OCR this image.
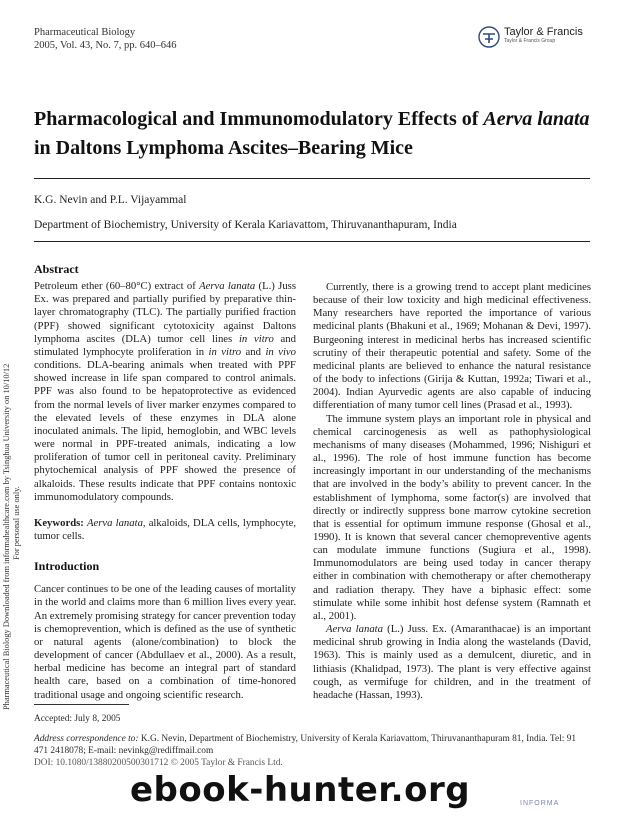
Pharmaceutical Biology
2005, Vol. 43, No. 7, pp. 640–646
Taylor & Francis
Taylor & Francis Group
Pharmacological and Immunomodulatory Effects of Aerva lanata
in Daltons Lymphoma Ascites–Bearing Mice
K.G. Nevin and P.L. Vijayammal
Department of Biochemistry, University of Kerala Kariavattom, Thiruvananthapuram, India
Pharmaceutical Biology Downloaded from informahealthcare.com by Tsinghua University on 10/10/12 For personal use only.
Abstract

Petroleum ether (60–80°C) extract of Aerva lanata (L.) Juss Ex. was prepared and partially purified by preparative thin-layer chromatography (TLC). The partially purified fraction (PPF) showed significant cytotoxicity against Daltons lymphoma ascites (DLA) tumor cell lines in vitro and stimulated lymphocyte proliferation in in vitro and in vivo conditions. DLA-bearing animals when treated with PPF showed increase in life span compared to control animals. PPF was also found to be hepatoprotective as evidenced from the normal levels of liver marker enzymes compared to the elevated levels of these enzymes in DLA alone inoculated animals. The lipid, hemoglobin, and WBC levels were normal in PPF-treated animals, indicating a low proliferation of tumor cell in peritoneal cavity. Preliminary phytochemical analysis of PPF showed the presence of alkaloids. These results indicate that PPF contains nontoxic immunomodulatory compounds.

Keywords: Aerva lanata, alkaloids, DLA cells, lymphocyte, tumor cells.

Introduction

Cancer continues to be one of the leading causes of mortality in the world and claims more than 6 million lives every year. An extremely promising strategy for cancer prevention today is chemoprevention, which is defined as the use of synthetic or natural agents (alone/combination) to block the development of cancer (Abdullaev et al., 2000). As a result, herbal medicine has become an integral part of standard health care, based on a combination of time-honored traditional usage and ongoing scientific research.

Currently, there is a growing trend to accept plant medicines because of their low toxicity and high medicinal effectiveness. Many researchers have reported the importance of various medicinal plants (Bhakuni et al., 1969; Mohanan & Devi, 1997). Burgeoning interest in medicinal herbs has increased scientific scrutiny of their therapeutic potential and safety. Some of the medicinal plants are believed to enhance the natural resistance of the body to infections (Girija & Kuttan, 1992a; Tiwari et al., 2004). Indian Ayurvedic agents are also capable of inducing differentiation of many tumor cell lines (Prasad et al., 1993).

The immune system plays an important role in physical and chemical carcinogenesis as well as pathophysiological mechanisms of many diseases (Mohammed, 1996; Nishiguri et al., 1996). The role of host immune function has become increasingly important in our understanding of the mechanisms that are involved in the body’s ability to prevent cancer. In the establishment of lymphoma, some factor(s) are involved that directly or indirectly suppress bone marrow cytokine secretion that is essential for optimum immune response (Ghosal et al., 1990). It is known that several cancer chemopreventive agents can modulate immune functions (Sugiura et al., 1998). Immunomodulators are being used today in cancer therapy either in combination with chemotherapy or after chemotherapy and radiation therapy. They have a biphasic effect: some stimulate while some inhibit host defense system (Ramnath et al., 2001).

Aerva lanata (L.) Juss. Ex. (Amaranthacae) is an important medicinal shrub growing in India along the wastelands (David, 1963). This is mainly used as a demulcent, diuretic, and in lithiasis (Khalidpad, 1973). The plant is very effective against cough, as vermifuge for children, and in the treatment of headache (Hassan, 1993).

Accepted: July 8, 2005
Address correspondence to: K.G. Nevin, Department of Biochemistry, University of Kerala Kariavattom, Thiruvananthapuram 81, India. Tel: 91 471 2418078; E-mail: nevinkg@rediffmail.com
DOI: 10.1080/13880200500301712 © 2005 Taylor & Francis Ltd.
ebook-hunter.org	INFORMA
